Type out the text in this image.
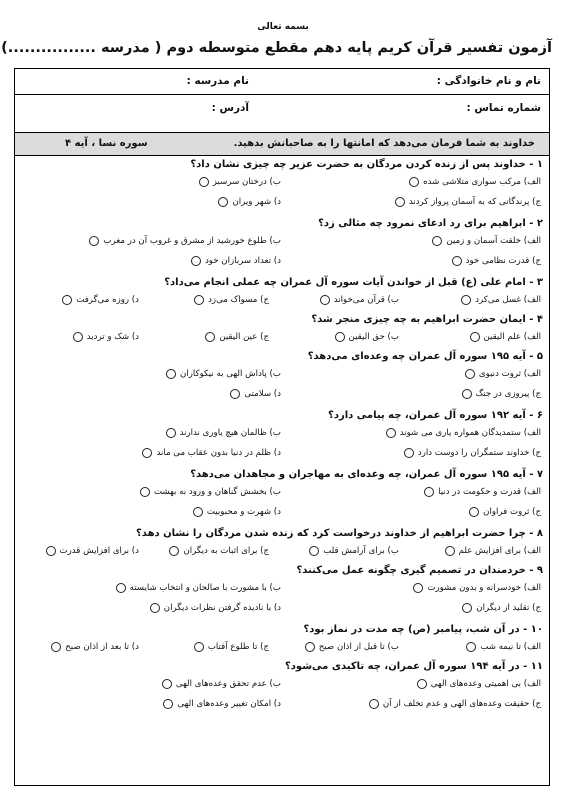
بسمه تعالی
آزمون تفسیر قرآن کریم پایه دهم مقطع متوسطه دوم ( مدرسه ................)
نام و نام خانوادگی :
نام مدرسه :
شماره تماس :
آدرس :
خداوند به شما فرمان می‌دهد که امانتها را به صاحبانش بدهید.
سوره نسا ، آیه ۴
۱ - خداوند پس از زنده کردن مردگان به حضرت عزیر چه چیزی نشان داد؟
الف) مرکب سواری متلاشی شده
ب) درختان سرسبز
ج) پرندگانی که به آسمان پرواز کردند
د) شهر ویران
۲ - ابراهیم برای رد ادعای نمرود چه مثالی زد؟
الف) خلقت آسمان و زمین
ب) طلوع خورشید از مشرق و غروب آن در مغرب
ج) قدرت نظامی خود
د) تعداد سربازان خود
۳ - امام علی (ع) قبل از خواندن آیات سوره آل عمران چه عملی انجام می‌داد؟
الف) غسل می‌کرد
ب) قرآن می‌خواند
ج) مسواک می‌زد
د) روزه می‌گرفت
۴ - ایمان حضرت ابراهیم به چه چیزی منجر شد؟
الف) علم الیقین
ب) حق الیقین
ج) عین الیقین
د) شک و تردید
۵ - آیه ۱۹۵ سوره آل عمران چه وعده‌ای می‌دهد؟
الف) ثروت دنیوی
ب) پاداش الهی به نیکوکاران
ج) پیروزی در جنگ
د) سلامتی
۶ - آیه ۱۹۲ سوره آل عمران، چه پیامی دارد؟
الف) ستمدیدگان همواره یاری می شوند
ب) ظالمان هیچ یاوری ندارند
ج) خداوند ستمگران را دوست دارد
د) ظلم در دنیا بدون عقاب می ماند
۷ - آیه ۱۹۵ سوره آل عمران، چه وعده‌ای به مهاجران و مجاهدان می‌دهد؟
الف) قدرت و حکومت در دنیا
ب) بخشش گناهان و ورود به بهشت
ج) ثروت فراوان
د) شهرت و محبوبیت
۸ - چرا حضرت ابراهیم از خداوند درخواست کرد که زنده شدن مردگان را نشان دهد؟
الف) برای افزایش علم
ب) برای آرامش قلب
ج) برای اثبات به دیگران
د) برای افزایش قدرت
۹ - خردمندان در تصمیم گیری چگونه عمل می‌کنند؟
الف) خودسرانه و بدون مشورت
ب) با مشورت با صالحان و انتخاب شایسته
ج) تقلید از دیگران
د) با نادیده گرفتن نظرات دیگران
۱۰ - در آن شب، پیامبر (ص) چه مدت در نماز بود؟
الف) تا نیمه شب
ب) تا قبل از اذان صبح
ج) تا طلوع آفتاب
د) تا بعد از اذان صبح
۱۱ - در آیه ۱۹۴ سوره آل عمران، چه تاکیدی می‌شود؟
الف) بی اهمیتی وعده‌های الهی
ب) عدم تحقق وعده‌های الهی
ج) حقیقت وعده‌های الهی و عدم تخلف از آن
د) امکان تغییر وعده‌های الهی
